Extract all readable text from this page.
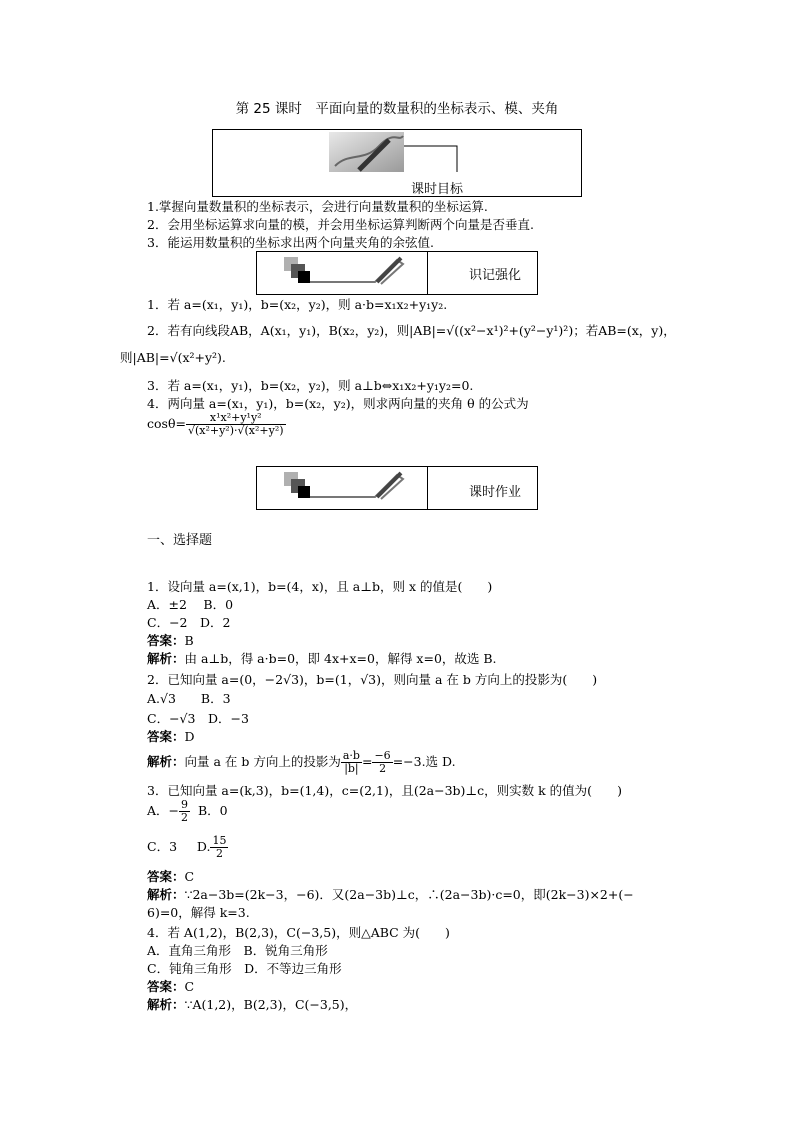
第 25 课时　平面向量的数量积的坐标表示、模、夹角
课时目标
1.掌握向量数量积的坐标表示，会进行向量数量积的坐标运算.
2．会用坐标运算求向量的模，并会用坐标运算判断两个向量是否垂直.
3．能运用数量积的坐标求出两个向量夹角的余弦值.
识记强化
1．若 a=(x₁，y₁)，b=(x₂，y₂)，则 a·b=x₁x₂+y₁y₂.
2．若有向线段AB，A(x₁，y₁)，B(x₂，y₂)，则|AB|=√((x²−x¹)²+(y²−y¹)²)；若AB=(x，y)，
则|AB|=√(x²+y²).
3．若 a=(x₁，y₁)，b=(x₂，y₂)，则 a⊥b⇔x₁x₂+y₁y₂=0.
4．两向量 a=(x₁，y₁)，b=(x₂，y₂)，则求两向量的夹角 θ 的公式为
$\cos\theta= \frac{\text{x¹x²+y¹y²}}{\text{√(x²+y²)·√(x²+y²)}}$
课时作业
一、选择题
1．设向量 a=(x,1)，b=(4，x)，且 a⊥b，则 x 的值是(　　)
A．±2　 B．0
C．−2　D．2
答案：B
解析：由 a⊥b，得 a·b=0，即 4x+x=0，解得 x=0，故选 B.
2．已知向量 a=(0，−2√3)，b=(1，√3)，则向量 a 在 b 方向上的投影为(　　)
A.√3　　B．3
C．−√3　D．−3
答案：D
解析：向量 a 在 b 方向上的投影为 $\frac{a\cdot b}{|b|} = \frac{-6}{2} =-3$.选 D.
3．已知向量 a=(k,3)，b=(1,4)，c=(2,1)，且(2a−3b)⊥c，则实数 k 的值为(　　)
A．− $\frac{9}{2}$ B．0
C．3 D. $\frac{15}{2}$
答案：C
解析：∵2a−3b=(2k−3，−6)．又(2a−3b)⊥c，∴(2a−3b)·c=0，即(2k−3)×2+(−
6)=0，解得 k=3.
4．若 A(1,2)，B(2,3)，C(−3,5)，则△ABC 为(　　)
A．直角三角形　B．锐角三角形
C．钝角三角形　D．不等边三角形
答案：C
解析：∵A(1,2)，B(2,3)，C(−3,5)，
